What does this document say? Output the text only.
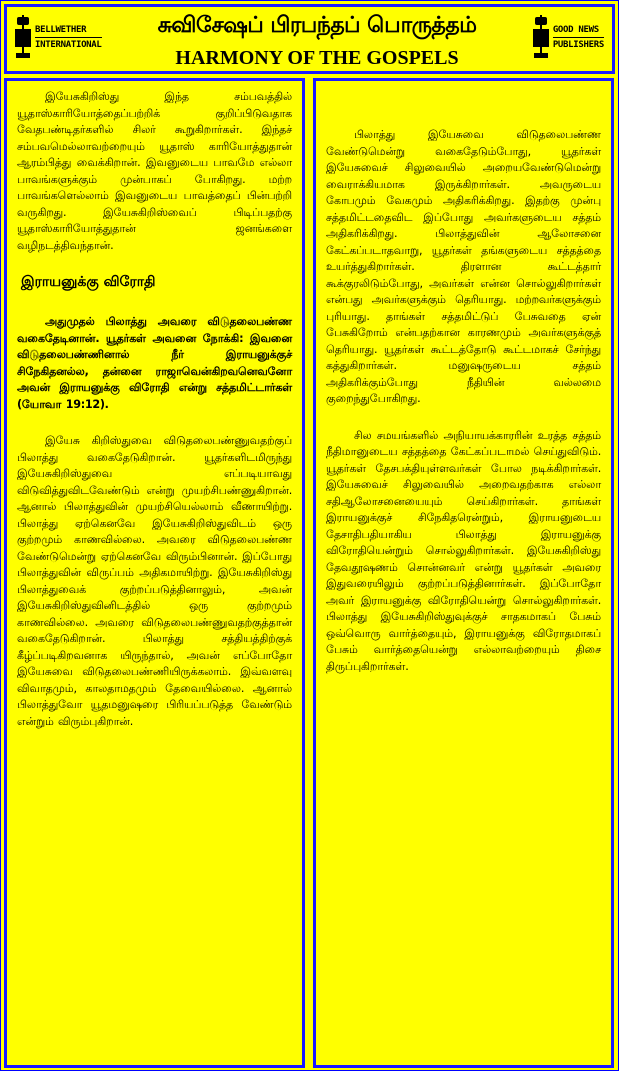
BELLWETHER
INTERNATIONAL
சுவிசேஷப் பிரபந்தப் பொருத்தம்
HARMONY OF THE GOSPELS
GOOD NEWS
PUBLISHERS

இயேசுகிறிஸ்து இந்த சம்பவத்தில் யூதாஸ்காரியோத்தைப்பற்றிக் குறிப்பிடுவதாக வேதபண்டிதர்களில் சிலர் கூறுகிறார்கள். இந்தச் சம்பவமெல்லாவற்றையும் யூதாஸ் காரியோத்துதான் ஆரம்பித்து வைக்கிறான். இவனுடைய பாவமே எல்லா பாவங்களுக்கும் முன்பாகப் போகிறது. மற்ற பாவங்களெல்லாம் இவனுடைய பாவத்தைப் பின்பற்றி வருகிறது. இயேசுகிறிஸ்வைப் பிடிப்பதற்கு யூதாஸ்காரியோத்துதான் ஜனங்களை வழிநடத்திவந்தான்.

இராயனுக்கு விரோதி

அதுமுதல் பிலாத்து அவரை விடுதலைபண்ண வகைதேடினான். யூதர்கள் அவனை நோக்கி: இவனை விடுதலைபண்ணினால் நீர் இராயனுக்குச் சிநேகிதனல்ல, தன்னை ராஜாவென்கிறவனெவனோ அவன் இராயனுக்கு விரோதி என்று சத்தமிட்டார்கள் (யோவா 19:12).

இயேசு கிறிஸ்துவை விடுதலைபண்ணுவதற்குப் பிலாத்து வகைதேடுகிறான். யூதர்களிடமிருந்து இயேசுகிறிஸ்துவை எப்படியாவது விடுவித்துவிடவேண்டும் என்று முயற்சிபண்ணுகிறான். ஆனால் பிலாத்துவின் முயற்சியெல்லாம் வீணாயிற்று. பிலாத்து ஏற்கெனவே இயேசுகிறிஸ்துவிடம் ஒரு குற்றமும் காணவில்லை. அவரை விடுதலைபண்ண வேண்டுமென்று ஏற்கெனவே விரும்பினான். இப்போது பிலாத்துவின் விருப்பம் அதிகமாயிற்று. இயேசுகிறிஸ்து பிலாத்துவைக் குற்றப்படுத்தினாலும், அவன் இயேசுகிறிஸ்துவினிடத்தில் ஒரு குற்றமும் காணவில்லை. அவரை விடுதலைபண்ணுவதற்குத்தான் வகைதேடுகிறான். பிலாத்து சத்தியத்திற்குக் கீழ்ப்படிகிறவனாக யிருந்தால், அவன் எப்போதோ இயேசுவை விடுதலைபண்ணியிருக்கலாம். இவ்வளவு விவாதமும், காலதாமதமும் தேவையில்லை. ஆனால் பிலாத்துவோ யூதமனுஷரை பிரியப்படுத்த வேண்டும் என்றும் விரும்புகிறான்.

பிலாத்து இயேசுவை விடுதலைபண்ண வேண்டுமென்று வகைதேடும்போது, யூதர்கள் இயேசுவைச் சிலுவையில் அறையவேண்டுமென்று வைராக்கியமாக இருக்கிறார்கள். அவருடைய கோபமும் வேகமும் அதிகரிக்கிறது. இதற்கு முன்பு சத்தமிட்டதைவிட இப்போது அவர்களுடைய சத்தம் அதிகரிக்கிறது. பிலாத்துவின் ஆலோசனை கேட்கப்படாதவாறு, யூதர்கள் தங்களுடைய சத்தத்தை உயர்த்துகிறார்கள். திரளான கூட்டத்தார் கூக்குரலிடும்போது, அவர்கள் என்ன சொல்லுகிறார்கள் என்பது அவர்களுக்கும் தெரியாது. மற்றவர்களுக்கும் புரியாது. தாங்கள் சத்தமிட்டுப் பேசுவதை ஏன் பேசுகிறோம் என்பதற்கான காரணமும் அவர்களுக்குத் தெரியாது. யூதர்கள் கூட்டத்தோடு கூட்டமாகச் சேர்ந்து கத்துகிறார்கள். மனுஷருடைய சத்தம் அதிகரிக்கும்போது நீதியின் வல்லமை குறைந்துபோகிறது.

சில சமயங்களில் அநியாயக்காரரின் உரத்த சத்தம் நீதிமானுடைய சத்தத்தை கேட்கப்படாமல் செய்துவிடும். யூதர்கள் தேசபக்தியுள்ளவர்கள் போல நடிக்கிறார்கள். இயேசுவைச் சிலுவையில் அறைவதற்காக எல்லா சதிஆலோசனையையும் செய்கிறார்கள். தாங்கள் இராயனுக்குச் சிநேகிதரென்றும், இராயனுடைய தேசாதிபதியாகிய பிலாத்து இராயனுக்கு விரோதியென்றும் சொல்லுகிறார்கள். இயேசுகிறிஸ்து தேவதூஷணம் சொன்னவர் என்று யூதர்கள் அவரை இதுவரையிலும் குற்றப்படுத்தினார்கள். இப்போதோ அவர் இராயனுக்கு விரோதியென்று சொல்லுகிறார்கள். பிலாத்து இயேசுகிறிஸ்துவுக்குச் சாதகமாகப் பேசும் ஒவ்வொரு வார்த்தையும், இராயனுக்கு விரோதமாகப் பேசும் வார்த்தையென்று எல்லாவற்றையும் திசை திருப்புகிறார்கள்.
